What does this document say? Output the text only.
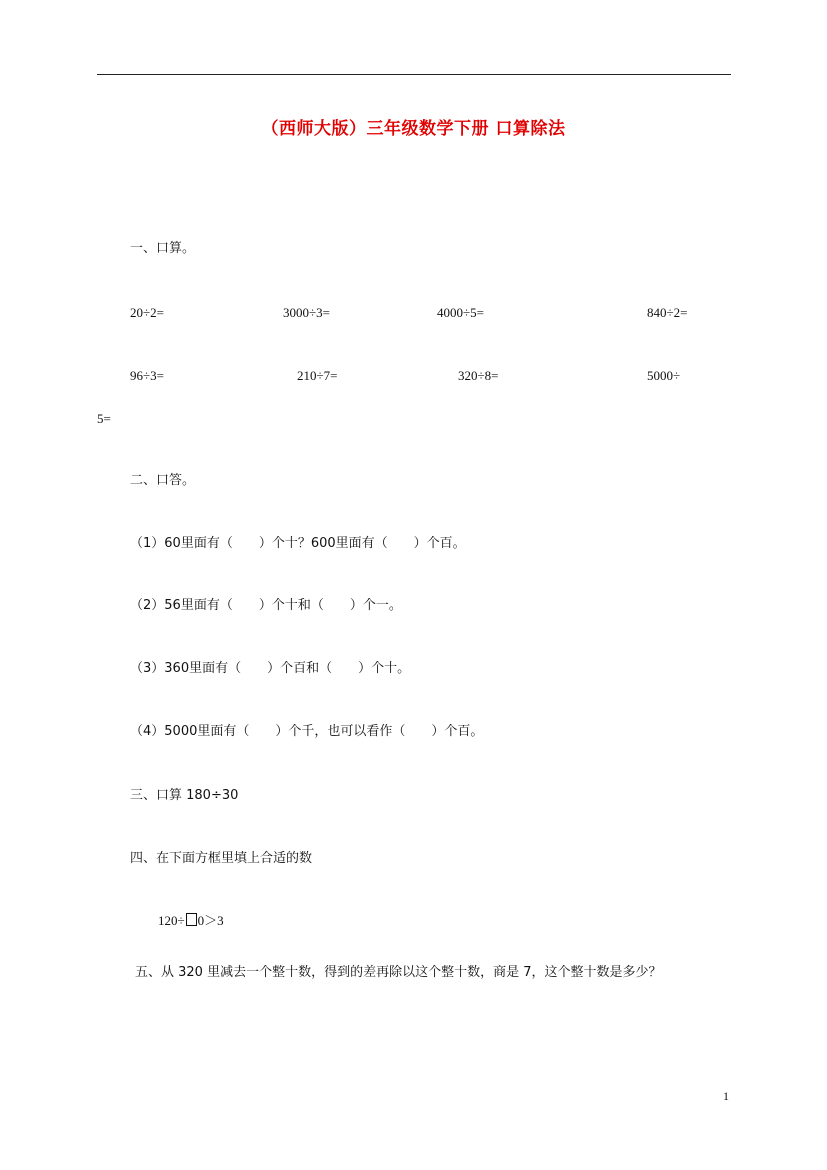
（西师大版）三年级数学下册 口算除法
一、口算。
20÷2=	3000÷3=	4000÷5=	840÷2=
96÷3=	210÷7=	320÷8=	5000÷
5=
二、口答。
（1）60里面有（　　）个十？600里面有（　　）个百。
（2）56里面有（　　）个十和（　　）个一。
（3）360里面有（　　）个百和（　　）个十。
（4）5000里面有（　　）个千，也可以看作（　　）个百。
三、口算 180÷30
四、在下面方框里填上合适的数
120÷ 0＞3
五、从 320 里减去一个整十数，得到的差再除以这个整十数，商是 7，这个整十数是多少？
1
